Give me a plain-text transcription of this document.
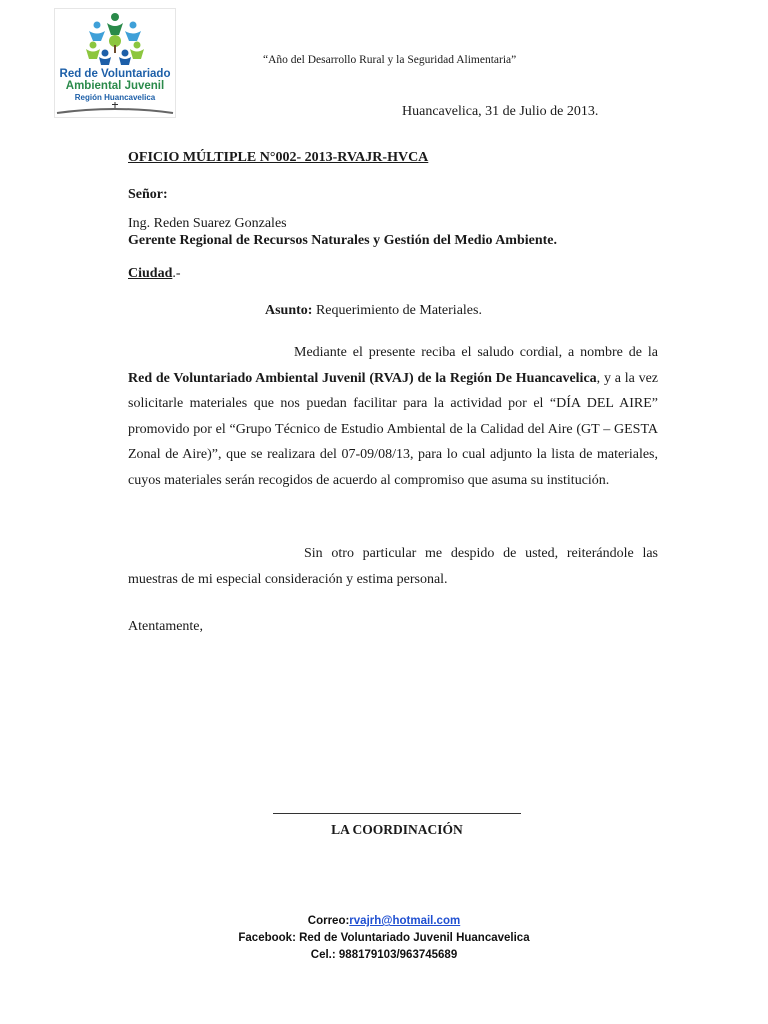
Red de Voluntariado
Ambiental Juvenil
Región Huancavelica
“Año del Desarrollo Rural y la Seguridad Alimentaria”
Huancavelica, 31 de Julio de 2013.
OFICIO MÚLTIPLE N°002- 2013-RVAJR-HVCA
Señor:
Ing. Reden Suarez Gonzales
Gerente Regional de Recursos Naturales y Gestión del Medio Ambiente.
Ciudad.-
Asunto: Requerimiento de Materiales.
Mediante el presente reciba el saludo cordial, a nombre de la Red de Voluntariado Ambiental Juvenil (RVAJ) de la Región De Huancavelica, y a la vez solicitarle materiales que nos puedan facilitar para la actividad por el “DÍA DEL AIRE” promovido por el “Grupo Técnico de Estudio Ambiental de la Calidad del Aire (GT – GESTA Zonal de Aire)”, que se realizara del 07-09/08/13, para lo cual adjunto la lista de materiales, cuyos materiales serán recogidos de acuerdo al compromiso que asuma su institución.
Sin otro particular me despido de usted, reiterándole las muestras de mi especial consideración y estima personal.
Atentamente,
LA COORDINACIÓN
Correo:rvajrh@hotmail.com
Facebook: Red de Voluntariado Juvenil Huancavelica
Cel.: 988179103/963745689
